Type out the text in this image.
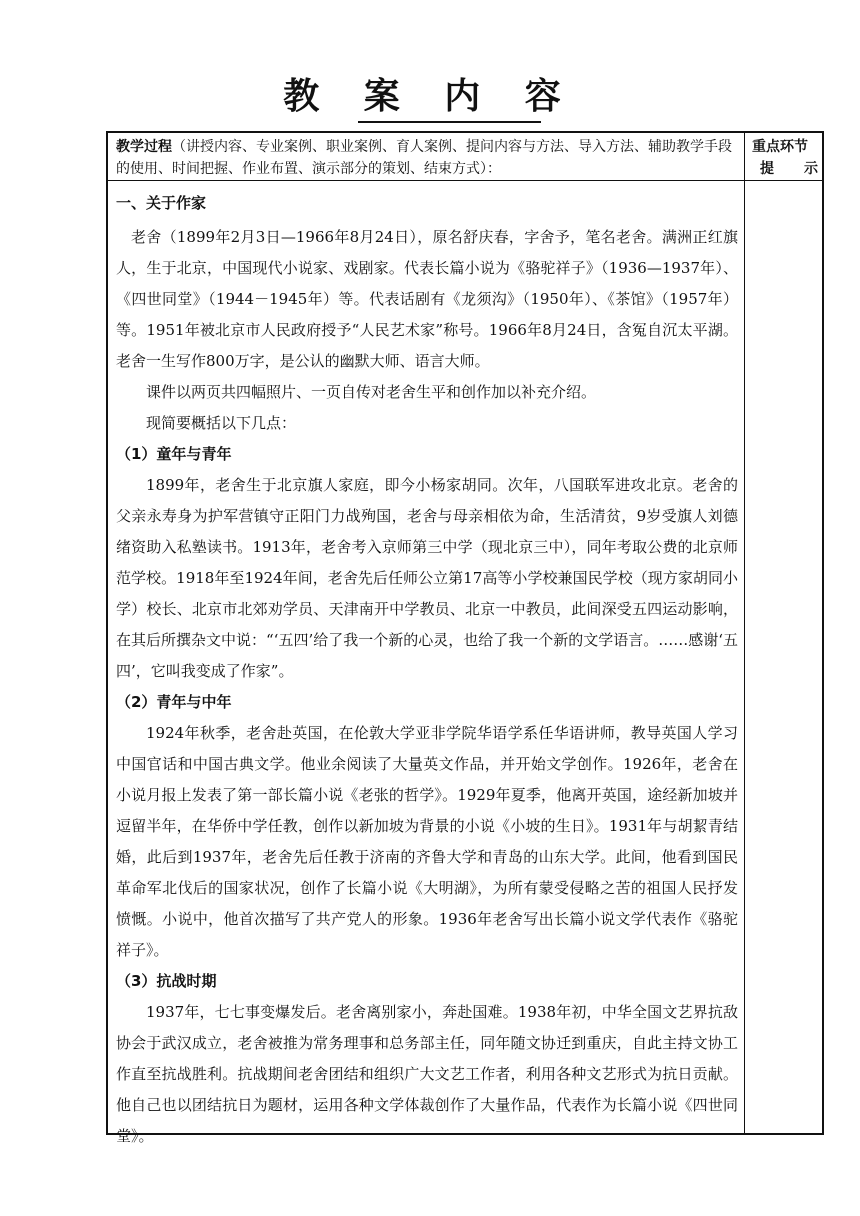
教 案 内 容
教学过程（讲授内容、专业案例、职业案例、育人案例、提问内容与方法、导入方法、辅助教学手段的使用、时间把握、作业布置、演示部分的策划、结束方式）：
重点环节
提 示

一、关于作家

老舍（1899年2月3日—1966年8月24日），原名舒庆春，字舍予，笔名老舍。满洲正红旗人，生于北京，中国现代小说家、戏剧家。代表长篇小说为《骆驼祥子》（1936—1937年）、《四世同堂》（1944－1945年）等。代表话剧有《龙须沟》（1950年）、《茶馆》（1957年）等。1951年被北京市人民政府授予“人民艺术家”称号。1966年8月24日，含冤自沉太平湖。老舍一生写作800万字，是公认的幽默大师、语言大师。

课件以两页共四幅照片、一页自传对老舍生平和创作加以补充介绍。

现简要概括以下几点：

（1）童年与青年

1899年，老舍生于北京旗人家庭，即今小杨家胡同。次年，八国联军进攻北京。老舍的父亲永寿身为护军营镇守正阳门力战殉国，老舍与母亲相依为命，生活清贫，9岁受旗人刘德绪资助入私塾读书。1913年，老舍考入京师第三中学（现北京三中），同年考取公费的北京师范学校。1918年至1924年间，老舍先后任师公立第17高等小学校兼国民学校（现方家胡同小学）校长、北京市北郊劝学员、天津南开中学教员、北京一中教员，此间深受五四运动影响，在其后所撰杂文中说：“‘五四’给了我一个新的心灵，也给了我一个新的文学语言。……感谢‘五四’，它叫我变成了作家”。

（2）青年与中年

1924年秋季，老舍赴英国，在伦敦大学亚非学院华语学系任华语讲师，教导英国人学习中国官话和中国古典文学。他业余阅读了大量英文作品，并开始文学创作。1926年，老舍在小说月报上发表了第一部长篇小说《老张的哲学》。1929年夏季，他离开英国，途经新加坡并逗留半年，在华侨中学任教，创作以新加坡为背景的小说《小坡的生日》。1931年与胡絜青结婚，此后到1937年，老舍先后任教于济南的齐鲁大学和青岛的山东大学。此间，他看到国民革命军北伐后的国家状况，创作了长篇小说《大明湖》，为所有蒙受侵略之苦的祖国人民抒发愤慨。小说中，他首次描写了共产党人的形象。1936年老舍写出长篇小说文学代表作《骆驼祥子》。

（3）抗战时期

1937年，七七事变爆发后。老舍离别家小，奔赴国难。1938年初，中华全国文艺界抗敌协会于武汉成立，老舍被推为常务理事和总务部主任，同年随文协迁到重庆，自此主持文协工作直至抗战胜利。抗战期间老舍团结和组织广大文艺工作者，利用各种文艺形式为抗日贡献。他自己也以团结抗日为题材，运用各种文学体裁创作了大量作品，代表作为长篇小说《四世同堂》。
